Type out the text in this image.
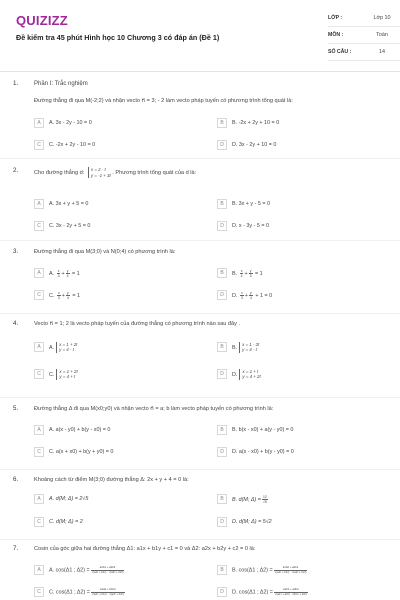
QUIZIZZ
Đề kiểm tra 45 phút Hình học 10 Chương 3 có đáp án (Đề 1)
LỚP :	Lớp 10
MÔN :	Toán
SỐ CÂU :	14
1.	Phần I: Trắc nghiệm
Đường thẳng đi qua M(-2;2) và nhận vecto n⃗ = 3; - 2 làm vecto pháp tuyến có phương trình tổng quát là:
A	A. 3x - 2y - 10 = 0	B	B. -2x + 2y + 10 = 0
C	C. -2x + 2y - 10 = 0	D	D. 3x - 2y + 10 = 0
2.	Cho đường thẳng d:
x = 2 - t
y = -1 + 3t . Phương trình tổng quát của d là:
A	A. 3x + y + 5 = 0	B	B. 3x + y - 5 = 0
C	C. 3x - 2y + 5 = 0	D	D. x - 3y - 5 = 0
3.	Đường thẳng đi qua M(3;0) và N(0;4) có phương trình là:
A	A. $\frac{x}{3} + \frac{y}{4} = 1$	B	B. $\frac{x}{4} + \frac{y}{3} = 1$
C	C. $\frac{x}{3} + \frac{y}{4} = 1$	D	D. $\frac{x}{3} + \frac{y}{4} + 1 = 0$
4.	Vecto n⃗ = 1; 2 là vecto pháp tuyến của đường thẳng có phương trình nào sau đây .
A	A.
x = 1 + 2t
y = 4 - t	B	B.
x = 1 - 2t
y = 4 - t
C	C.
x = 1 + 2t
y = 4 + t	D	D.
x = 1 + t
y = 4 + 2t
5.	Đường thẳng Δ đi qua M(x0;y0) và nhận vecto n⃗ = a; b làm vecto pháp tuyến có phương trình là:
A	A. a(x - y0) + b(y - x0) = 0	B	B. b(x - x0) + a(y - y0) = 0
C	C. a(x + x0) + b(y + y0) = 0	D	D. a(x - x0) + b(y - y0) = 0
6.	Khoảng cách từ điểm M(3;0) đường thẳng Δ: 2x + y + 4 = 0 là:
A	A. d(M; Δ) = 2√5	B	B. d(M; $\Delta) = \frac{12}{√5}$
C	C. d(M; Δ) = 2	D	D. d(M; Δ) = 5√2
7.	Cosin của góc giữa hai đường thẳng Δ1: a1x + b1y + c1 = 0 và Δ2: a2x + b2y + c2 = 0 là:
A	A. cos(Δ1 ; $\Delta 2) = \frac{a1b1 + a2b2}{\text{√(a1² + b1²) · √(a2² + b2²)}}$	B	B. cos(Δ1 ; $\Delta 2) = \frac{a1b2 + a2b1}{\text{√(a1² + b1²) · √(a2² + b2²)}}$
C	C. cos(Δ1 ; $\Delta 2) = \frac{a1a2 + b1b2}{\text{√(a1² + b1²) · √(a2² + b2²)}}$	D	D. cos(Δ1 ; $\Delta 2) = \frac{a1b1 + a2b2}{\text{√(a1² + a2²) · √(b1² + b2²)}}$
